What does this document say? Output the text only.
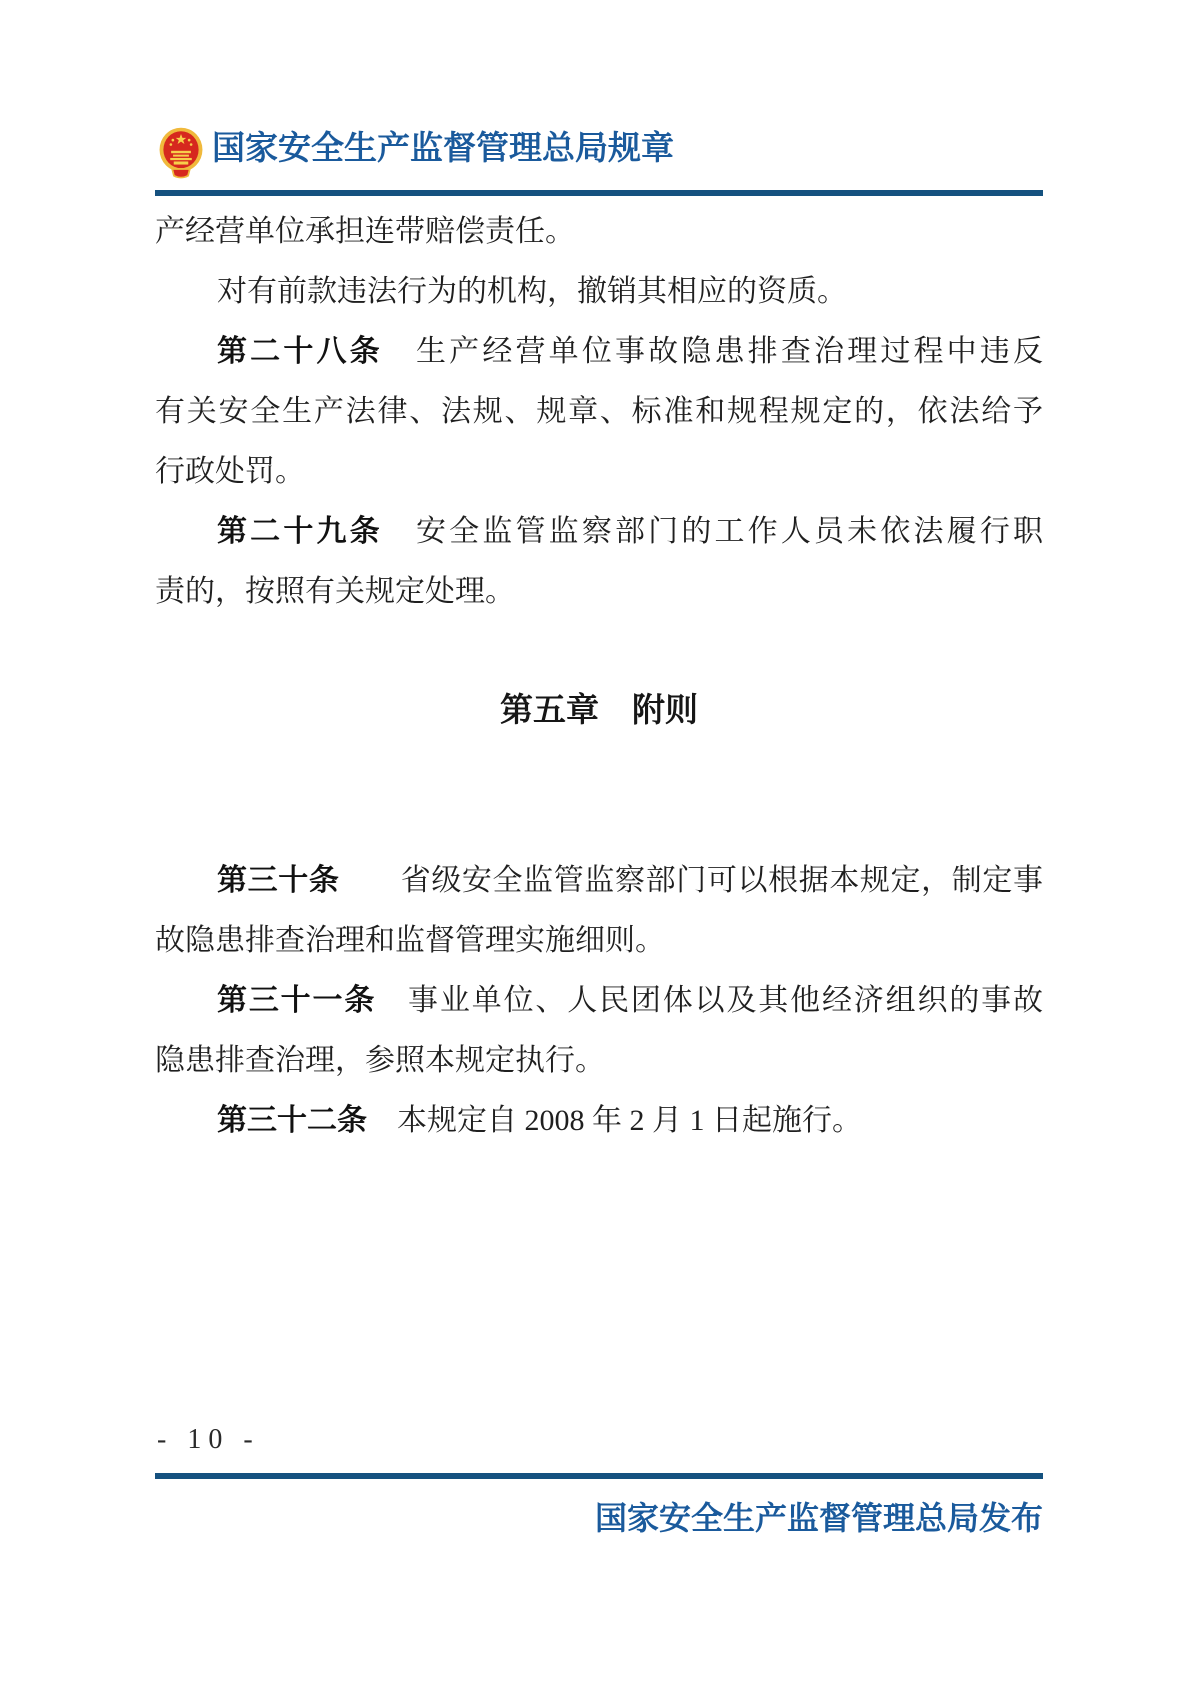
国家安全生产监督管理总局规章
产经营单位承担连带赔偿责任。
对有前款违法行为的机构，撤销其相应的资质。
第二十八条　生产经营单位事故隐患排查治理过程中违反
有关安全生产法律、法规、规章、标准和规程规定的，依法给予
行政处罚。
第二十九条　安全监管监察部门的工作人员未依法履行职
责的，按照有关规定处理。
第五章　附则
第三十条　　省级安全监管监察部门可以根据本规定，制定事
故隐患排查治理和监督管理实施细则。
第三十一条　事业单位、人民团体以及其他经济组织的事故
隐患排查治理，参照本规定执行。
第三十二条　本规定自 2008 年 2 月 1 日起施行。
- 10 -
国家安全生产监督管理总局发布
